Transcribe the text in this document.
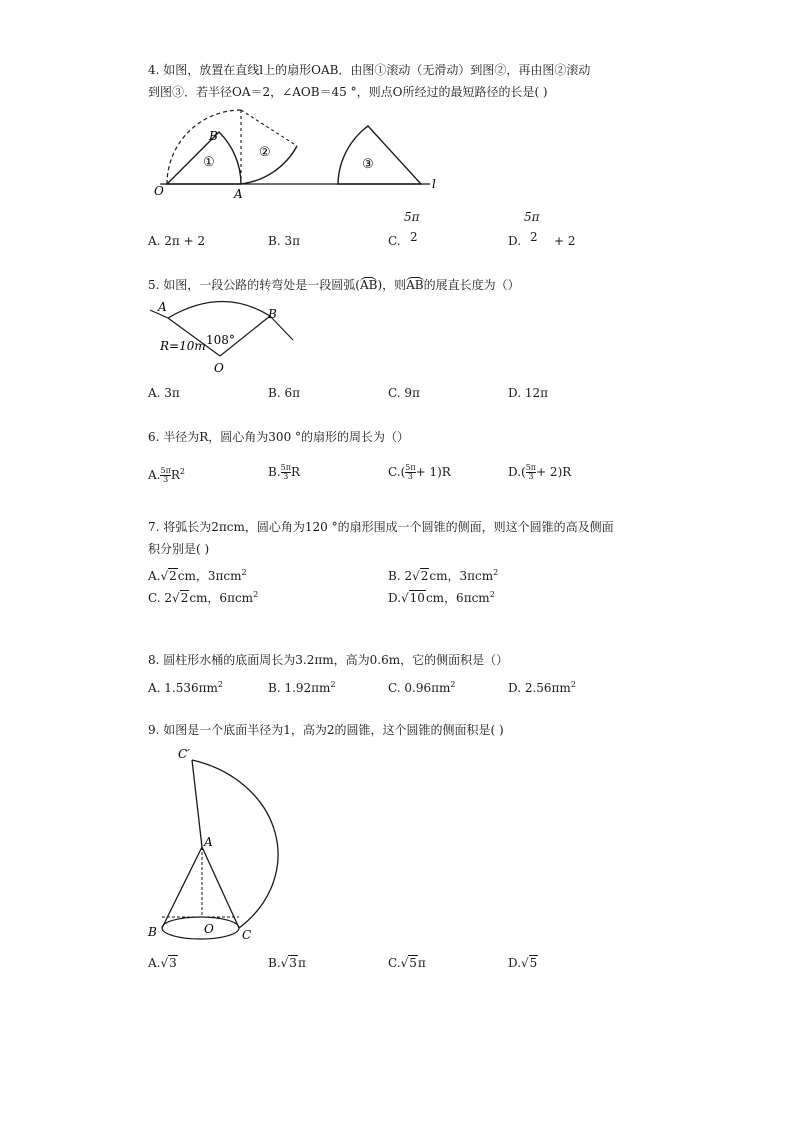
4. 如图，放置在直线l上的扇形OAB．由图①滚动（无滑动）到图②，再由图②滚动
到图③．若半径OA＝2，∠AOB＝45 °，则点O所经过的最短路径的长是( )
O	A
B
l
①
②
③
A. 2π + 2	B. 3π	C.
5π
2	D.
5π
2 + 2
5. 如图，一段公路的转弯处是一段圆弧(AB)，则AB的展直长度为（）
A	B
O
R=10m 108°
A. 3π	B. 6π	C. 9π	D. 12π
6. 半径为R，圆心角为300 °的扇形的周长为（）
A. $\frac{5\pi}{3} R^2$	B. $\frac{5\pi}{3}$ R	$C.( \frac{5\pi}{3} + 1)R$	$D.( \frac{5\pi}{3} + 2)R$
7. 将弧长为2πcm，圆心角为120 °的扇形围成一个圆锥的侧面，则这个圆锥的高及侧面
积分别是( )
A.√2cm，3πcm$^2$	B. 2√2cm，3πcm$^2$
C. 2√2cm，6πcm$^2$	D.√10cm，6πcm$^2$
8. 圆柱形水桶的底面周长为3.2πm，高为0.6m，它的侧面积是（）
A. $1.536\pi m^2$	B. $1.92\pi m^2$	C. $0.96\pi m^2$	D. $2.56\pi m^2$
9. 如图是一个底面半径为1，高为2的圆锥，这个圆锥的侧面积是( )
C′
A
B	O C
A.√3	B.√3π	C.√5π	D.√5
